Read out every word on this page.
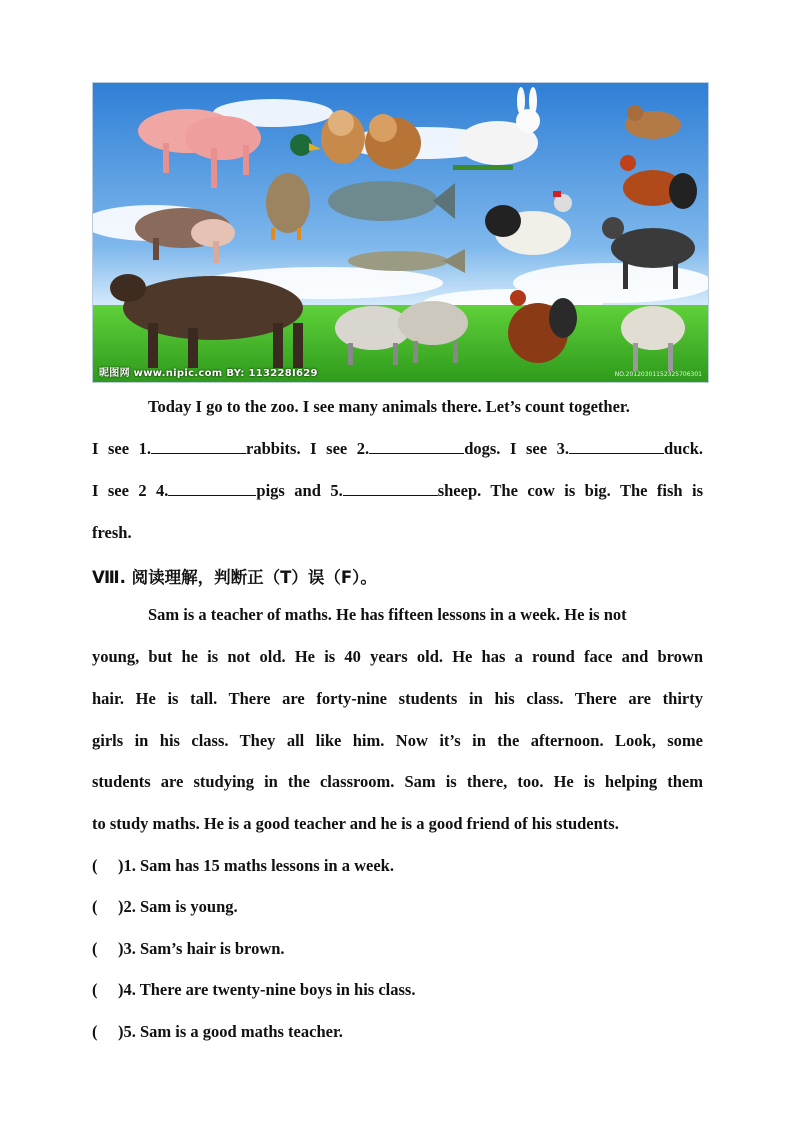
昵图网 www.nipic.com BY: 113228I629	NO.20120301152325706301
Today I go to the zoo. I see many animals there. Let’s count together.
I see 1.	rabbits. I see 2.	dogs. I see 3.	duck.
I see 2 4.	pigs and 5.	sheep. The cow is big. The fish is
fresh.
Ⅷ. 阅读理解，判断正（T）误（F）。
Sam is a teacher of maths. He has fifteen lessons in a week. He is not
young, but he is not old. He is 40 years old. He has a round face and brown
hair. He is tall. There are forty-nine students in his class. There are thirty
girls in his class. They all like him. Now it’s in the afternoon. Look, some
students are studying in the classroom. Sam is there, too. He is helping them
to study maths. He is a good teacher and he is a good friend of his students.
( )1. Sam has 15 maths lessons in a week.
( )2. Sam is young.
( )3. Sam’s hair is brown.
( )4. There are twenty-nine boys in his class.
( )5. Sam is a good maths teacher.
